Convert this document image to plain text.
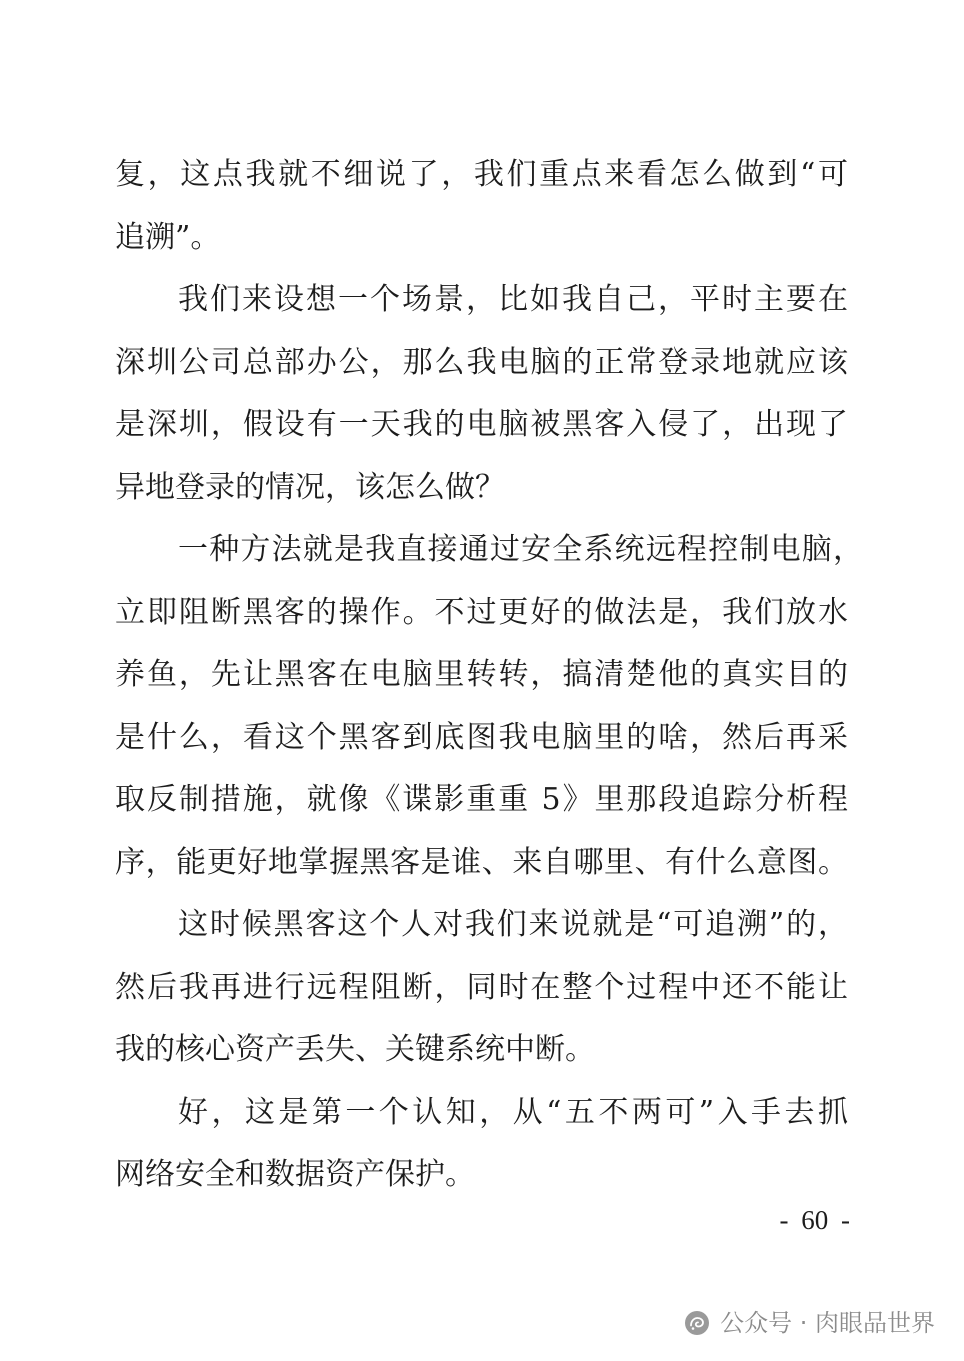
复，这点我就不细说了，我们重点来看怎么做到“可
追溯”。
我们来设想一个场景，比如我自己，平时主要在
深圳公司总部办公，那么我电脑的正常登录地就应该
是深圳，假设有一天我的电脑被黑客入侵了，出现了
异地登录的情况，该怎么做？
一种方法就是我直接通过安全系统远程控制电脑，
立即阻断黑客的操作。不过更好的做法是，我们放水
养鱼，先让黑客在电脑里转转，搞清楚他的真实目的
是什么，看这个黑客到底图我电脑里的啥，然后再采
取反制措施，就像《谍影重重 5》里那段追踪分析程
序，能更好地掌握黑客是谁、来自哪里、有什么意图。
这时候黑客这个人对我们来说就是“可追溯”的，
然后我再进行远程阻断，同时在整个过程中还不能让
我的核心资产丢失、关键系统中断。
好，这是第一个认知，从“五不两可”入手去抓
网络安全和数据资产保护。
- 60 -
公众号 · 肉眼品世界
